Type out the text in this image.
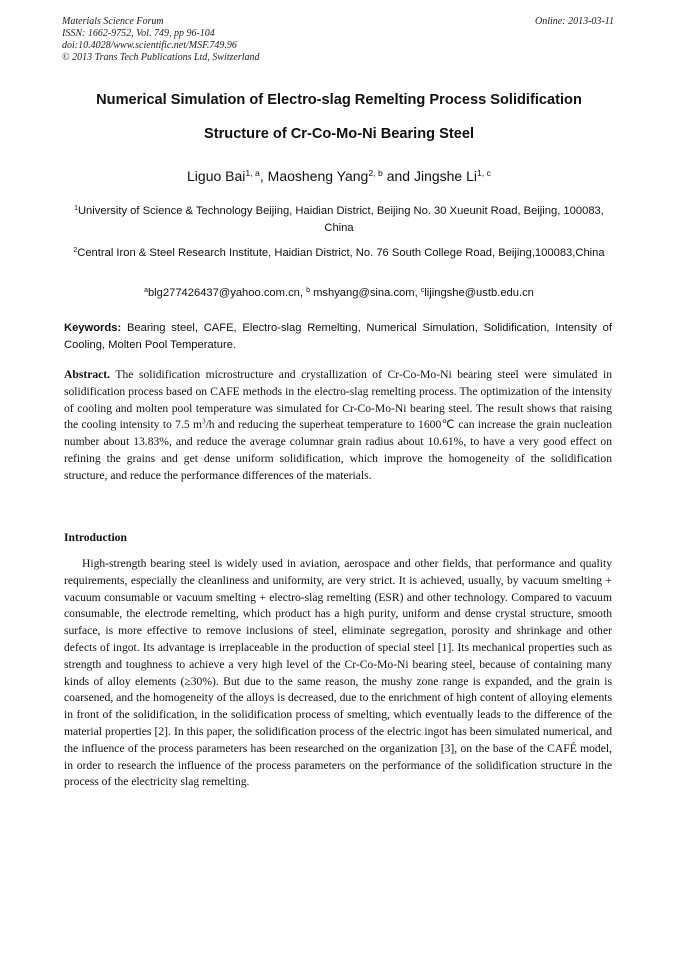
Materials Science Forum
ISSN: 1662-9752, Vol. 749, pp 96-104
doi:10.4028/www.scientific.net/MSF.749.96
© 2013 Trans Tech Publications Ltd, Switzerland
Online: 2013-03-11
Numerical Simulation of Electro-slag Remelting Process Solidification
Structure of Cr-Co-Mo-Ni Bearing Steel
Liguo Bai$^{1, a}$, Maosheng Yang$^{2, b}$ and Jingshe Li$^{1, c}$
$^1$University of Science & Technology Beijing, Haidian District, Beijing No. 30 Xueunit Road, Beijing, 100083, China
$^2$Central Iron & Steel Research Institute, Haidian District, No. 76 South College Road, Beijing,100083,China
$^a$blg277426437@yahoo.com.cn, $^b$ mshyang@sina.com, $^c$lijingshe@ustb.edu.cn
Keywords: Bearing steel, CAFE, Electro-slag Remelting, Numerical Simulation, Solidification, Intensity of Cooling, Molten Pool Temperature.
Abstract. The solidification microstructure and crystallization of Cr-Co-Mo-Ni bearing steel were simulated in solidification process based on CAFE methods in the electro-slag remelting process. The optimization of the intensity of cooling and molten pool temperature was simulated for Cr-Co-Mo-Ni bearing steel. The result shows that raising the cooling intensity to 7.5 $m^3/h$ and reducing the superheat temperature to 1600℃ can increase the grain nucleation number about 13.83%, and reduce the average columnar grain radius about 10.61%, to have a very good effect on refining the grains and get dense uniform solidification, which improve the homogeneity of the solidification structure, and reduce the performance differences of the materials.
Introduction
High-strength bearing steel is widely used in aviation, aerospace and other fields, that performance and quality requirements, especially the cleanliness and uniformity, are very strict. It is achieved, usually, by vacuum smelting + vacuum consumable or vacuum smelting + electro-slag remelting (ESR) and other technology. Compared to vacuum consumable, the electrode remelting, which product has a high purity, uniform and dense crystal structure, smooth surface, is more effective to remove inclusions of steel, eliminate segregation, porosity and shrinkage and other defects of ingot. Its advantage is irreplaceable in the production of special steel [1]. Its mechanical properties such as strength and toughness to achieve a very high level of the Cr-Co-Mo-Ni bearing steel, because of containing many kinds of alloy elements (≥30%). But due to the same reason, the mushy zone range is expanded, and the grain is coarsened, and the homogeneity of the alloys is decreased, due to the enrichment of high content of alloying elements in front of the solidification, in the solidification process of smelting, which eventually leads to the difference of the material properties [2]. In this paper, the solidification process of the electric ingot has been simulated numerical, and the influence of the process parameters has been researched on the organization [3], on the base of the CAFÉ model, in order to research the influence of the process parameters on the performance of the solidification structure in the process of the electricity slag remelting.
